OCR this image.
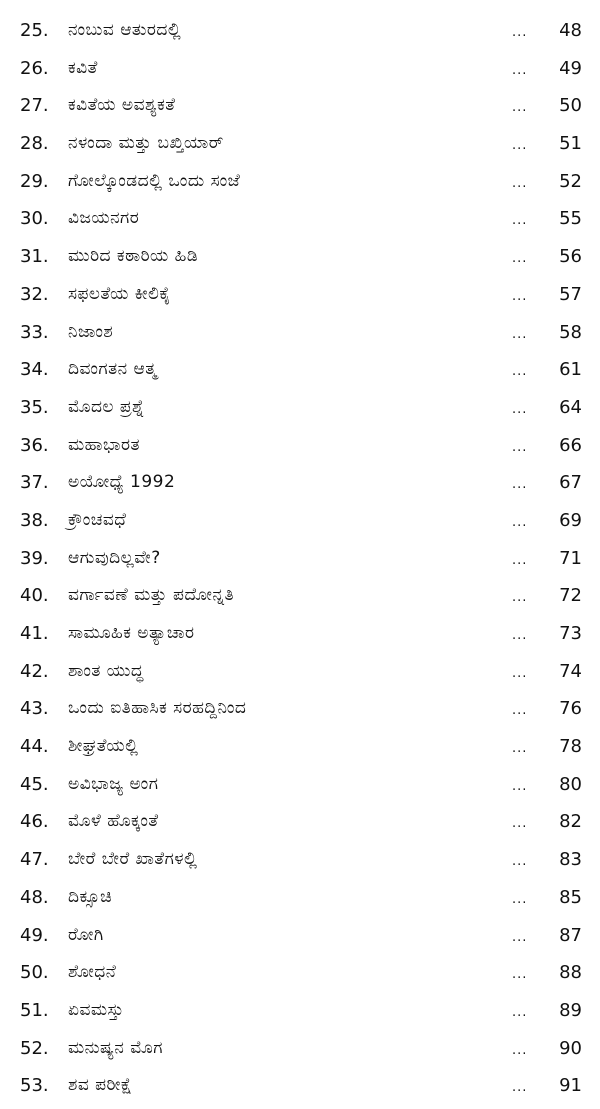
25. ನಂಬುವ ಆತುರದಲ್ಲಿ	... 48
26. ಕವಿತೆ	... 49
27. ಕವಿತೆಯ ಅವಶ್ಯಕತೆ	... 50
28. ನಳಂದಾ ಮತ್ತು ಬಖ್ತಿಯಾರ್	... 51
29. ಗೋಲ್ಕೊಂಡದಲ್ಲಿ ಒಂದು ಸಂಜೆ	... 52
30. ವಿಜಯನಗರ	... 55
31. ಮುರಿದ ಕಠಾರಿಯ ಹಿಡಿ	... 56
32. ಸಫಲತೆಯ ಕೀಲಿಕೈ	... 57
33. ನಿಜಾಂಶ	... 58
34. ದಿವಂಗತನ ಆತ್ಮ	... 61
35. ಮೊದಲ ಪ್ರಶ್ನೆ	... 64
36. ಮಹಾಭಾರತ	... 66
37. ಅಯೋಧ್ಯೆ 1992	... 67
38. ಕ್ರೌಂಚವಧೆ	... 69
39. ಆಗುವುದಿಲ್ಲವೇ?	... 71
40. ವರ್ಗಾವಣೆ ಮತ್ತು ಪದೋನ್ನತಿ	... 72
41. ಸಾಮೂಹಿಕ ಅತ್ಯಾಚಾರ	... 73
42. ಶಾಂತ ಯುದ್ಧ	... 74
43. ಒಂದು ಐತಿಹಾಸಿಕ ಸರಹದ್ದಿನಿಂದ	... 76
44. ಶೀಘ್ರತೆಯಲ್ಲಿ	... 78
45. ಅವಿಭಾಜ್ಯ ಅಂಗ	... 80
46. ಮೊಳೆ ಹೊಕ್ಕಂತೆ	... 82
47. ಬೇರೆ ಬೇರೆ ಖಾತೆಗಳಲ್ಲಿ	... 83
48. ದಿಕ್ಸೂಚಿ	... 85
49. ರೋಗಿ	... 87
50. ಶೋಧನೆ	... 88
51. ಏವಮಸ್ತು	... 89
52. ಮನುಷ್ಯನ ಮೊಗ	... 90
53. ಶವ ಪರೀಕ್ಷೆ	... 91
